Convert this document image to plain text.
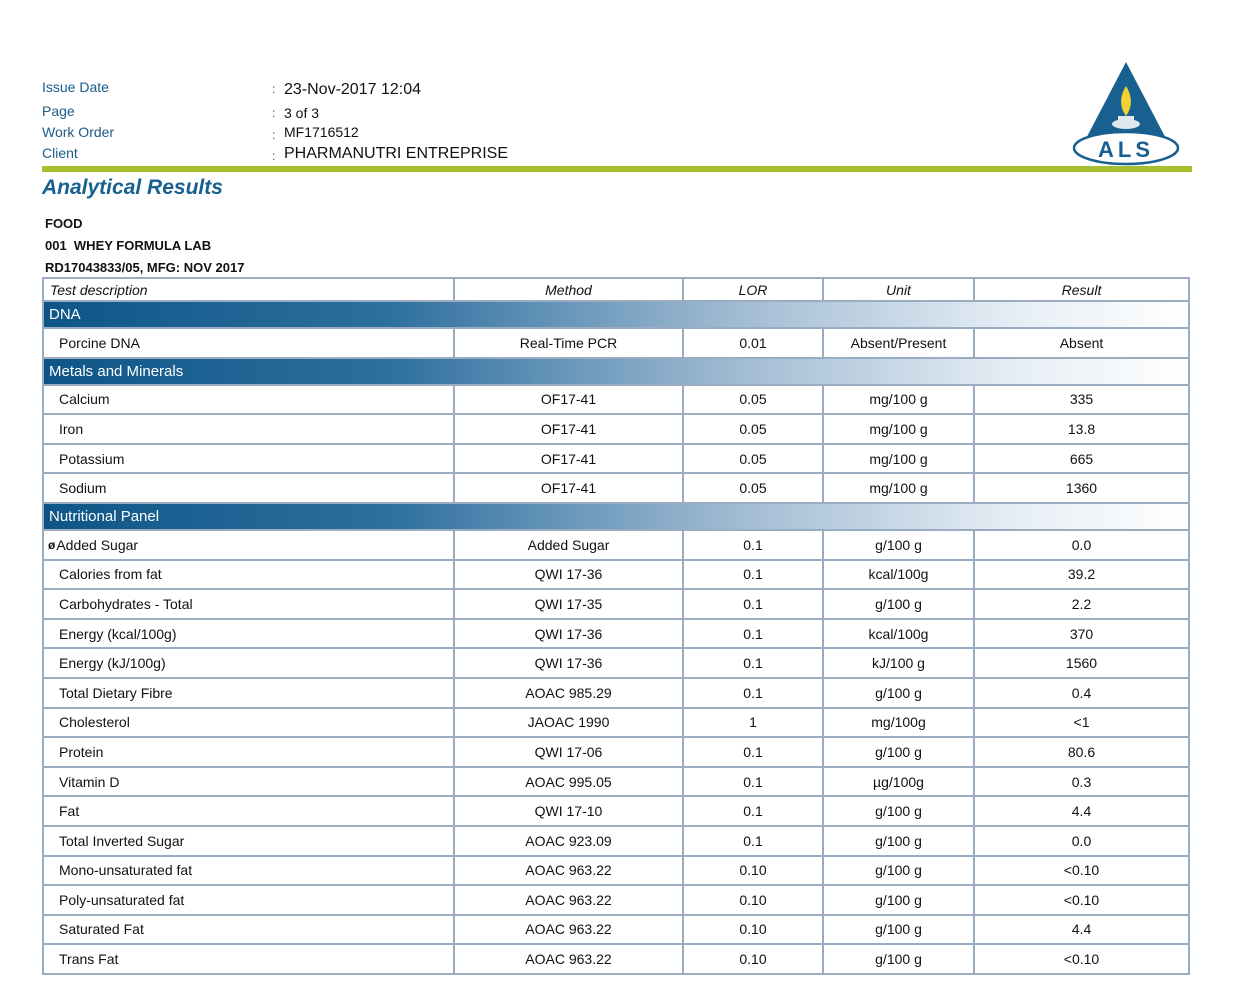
Issue Date	: 23-Nov-2017 12:04
Page	: 3 of 3
Work Order	: MF1716512
Client	: PHARMANUTRI ENTREPRISE	ALS
Analytical Results
FOOD
001  WHEY FORMULA LAB
RD17043833/05, MFG: NOV 2017
Test description	Method	LOR	Unit	Result
DNA
Porcine DNA	Real-Time PCR	0.01	Absent/Present	Absent
Metals and Minerals
Calcium	OF17-41	0.05	mg/100 g	335
Iron	OF17-41	0.05	mg/100 g	13.8
Potassium	OF17-41	0.05	mg/100 g	665
Sodium	OF17-41	0.05	mg/100 g	1360
Nutritional Panel
ø Added Sugar	Added Sugar	0.1	g/100 g	0.0
Calories from fat	QWI 17-36	0.1	kcal/100g	39.2
Carbohydrates - Total	QWI 17-35	0.1	g/100 g	2.2
Energy (kcal/100g)	QWI 17-36	0.1	kcal/100g	370
Energy (kJ/100g)	QWI 17-36	0.1	kJ/100 g	1560
Total Dietary Fibre	AOAC 985.29	0.1	g/100 g	0.4
Cholesterol	JAOAC 1990	1	mg/100g	<1
Protein	QWI 17-06	0.1	g/100 g	80.6
Vitamin D	AOAC 995.05	0.1	µg/100g	0.3
Fat	QWI 17-10	0.1	g/100 g	4.4
Total Inverted Sugar	AOAC 923.09	0.1	g/100 g	0.0
Mono-unsaturated fat	AOAC 963.22	0.10	g/100 g	<0.10
Poly-unsaturated fat	AOAC 963.22	0.10	g/100 g	<0.10
Saturated Fat	AOAC 963.22	0.10	g/100 g	4.4
Trans Fat	AOAC 963.22	0.10	g/100 g	<0.10
